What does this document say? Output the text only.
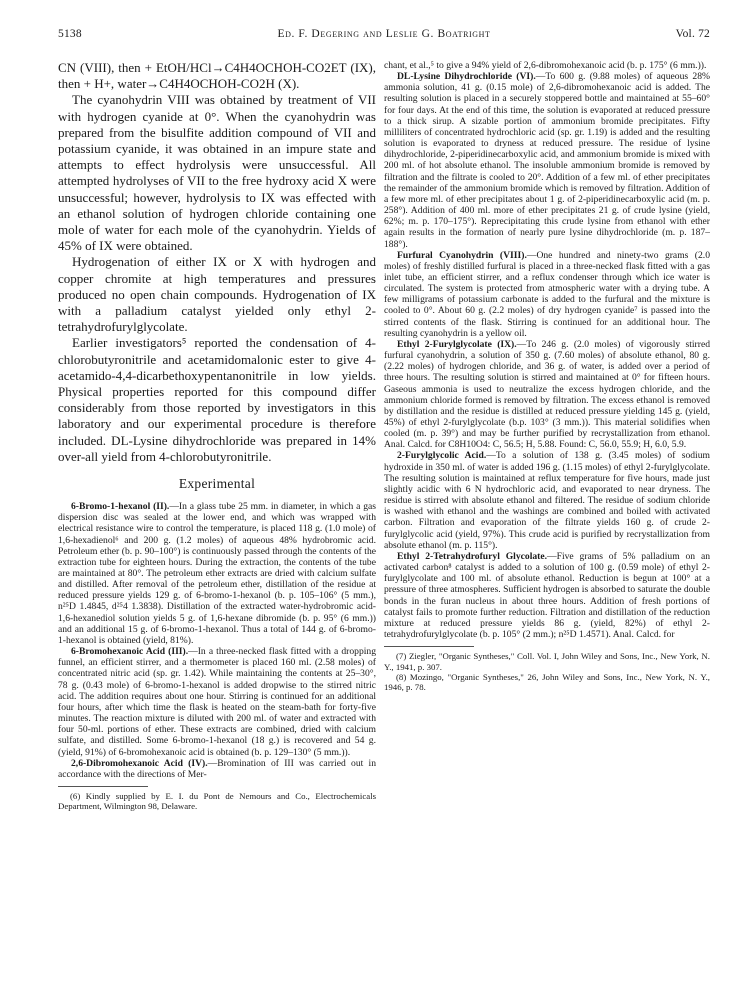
5138	Ed. F. Degering and Leslie G. Boatright	Vol. 72

CN (VIII), then + EtOH/HCl→C4H4OCHOH-CO2ET (IX), then + H+, water→C4H4OCHOH-CO2H (X).

The cyanohydrin VIII was obtained by treatment of VII with hydrogen cyanide at 0°. When the cyanohydrin was prepared from the bisulfite addition compound of VII and potassium cyanide, it was obtained in an impure state and attempts to effect hydrolysis were unsuccessful. All attempted hydrolyses of VII to the free hydroxy acid X were unsuccessful; however, hydrolysis to IX was effected with an ethanol solution of hydrogen chloride containing one mole of water for each mole of the cyanohydrin. Yields of 45% of IX were obtained.

Hydrogenation of either IX or X with hydrogen and copper chromite at high temperatures and pressures produced no open chain compounds. Hydrogenation of IX with a palladium catalyst yielded only ethyl 2-tetrahydrofurylglycolate.

Earlier investigators⁵ reported the condensation of 4-chlorobutyronitrile and acetamidomalonic ester to give 4-acetamido-4,4-dicarbethoxypentanonitrile in low yields. Physical properties reported for this compound differ considerably from those reported by investigators in this laboratory and our experimental procedure is therefore included. DL-Lysine dihydrochloride was prepared in 14% over-all yield from 4-chlorobutyronitrile.

Experimental

6-Bromo-1-hexanol (II).—In a glass tube 25 mm. in diameter, in which a gas dispersion disc was sealed at the lower end, and which was wrapped with electrical resistance wire to control the temperature, is placed 118 g. (1.0 mole) of 1,6-hexadienol⁶ and 200 g. (1.2 moles) of aqueous 48% hydrobromic acid. Petroleum ether (b. p. 90–100°) is continuously passed through the contents of the extraction tube for eighteen hours. During the extraction, the contents of the tube are maintained at 80°. The petroleum ether extracts are dried with calcium sulfate and distilled. After removal of the petroleum ether, distillation of the residue at reduced pressure yields 129 g. of 6-bromo-1-hexanol (b. p. 105–106° (5 mm.), n²⁵D 1.4845, d²⁵4 1.3838). Distillation of the extracted water-hydrobromic acid-1,6-hexanediol solution yields 5 g. of 1,6-hexane dibromide (b. p. 95° (6 mm.)) and an additional 15 g. of 6-bromo-1-hexanol. Thus a total of 144 g. of 6-bromo-1-hexanol is obtained (yield, 81%).

6-Bromohexanoic Acid (III).—In a three-necked flask fitted with a dropping funnel, an efficient stirrer, and a thermometer is placed 160 ml. (2.58 moles) of concentrated nitric acid (sp. gr. 1.42). While maintaining the contents at 25–30°, 78 g. (0.43 mole) of 6-bromo-1-hexanol is added dropwise to the stirred nitric acid. The addition requires about one hour. Stirring is continued for an additional four hours, after which time the flask is heated on the steam-bath for forty-five minutes. The reaction mixture is diluted with 200 ml. of water and extracted with four 50-ml. portions of ether. These extracts are combined, dried with calcium sulfate, and distilled. Some 6-bromo-1-hexanol (18 g.) is recovered and 54 g. (yield, 91%) of 6-bromohexanoic acid is obtained (b. p. 129–130° (5 mm.)).

2,6-Dibromohexanoic Acid (IV).—Bromination of III was carried out in accordance with the directions of Mer-

(6) Kindly supplied by E. I. du Pont de Nemours and Co., Electrochemicals Department, Wilmington 98, Delaware.

chant, et al.,⁵ to give a 94% yield of 2,6-dibromohexanoic acid (b. p. 175° (6 mm.)).

DL-Lysine Dihydrochloride (VI).—To 600 g. (9.88 moles) of aqueous 28% ammonia solution, 41 g. (0.15 mole) of 2,6-dibromohexanoic acid is added. The resulting solution is placed in a securely stoppered bottle and maintained at 55–60° for four days. At the end of this time, the solution is evaporated at reduced pressure to a thick sirup. A sizable portion of ammonium bromide precipitates. Fifty milliliters of concentrated hydrochloric acid (sp. gr. 1.19) is added and the resulting solution is evaporated to dryness at reduced pressure. The residue of lysine dihydrochloride, 2-piperidinecarboxylic acid, and ammonium bromide is mixed with 200 ml. of hot absolute ethanol. The insoluble ammonium bromide is removed by filtration and the filtrate is cooled to 20°. Addition of a few ml. of ether precipitates the remainder of the ammonium bromide which is removed by filtration. Addition of a few more ml. of ether precipitates about 1 g. of 2-piperidinecarboxylic acid (m. p. 258°). Addition of 400 ml. more of ether precipitates 21 g. of crude lysine (yield, 62%; m. p. 170–175°). Reprecipitating this crude lysine from ethanol with ether again results in the formation of nearly pure lysine dihydrochloride (m. p. 187–188°).

Furfural Cyanohydrin (VIII).—One hundred and ninety-two grams (2.0 moles) of freshly distilled furfural is placed in a three-necked flask fitted with a gas inlet tube, an efficient stirrer, and a reflux condenser through which ice water is circulated. The system is protected from atmospheric water with a drying tube. A few milligrams of potassium carbonate is added to the furfural and the mixture is cooled to 0°. About 60 g. (2.2 moles) of dry hydrogen cyanide⁷ is passed into the stirred contents of the flask. Stirring is continued for an additional hour. The resulting cyanohydrin is a yellow oil.

Ethyl 2-Furylglycolate (IX).—To 246 g. (2.0 moles) of vigorously stirred furfural cyanohydrin, a solution of 350 g. (7.60 moles) of absolute ethanol, 80 g. (2.22 moles) of hydrogen chloride, and 36 g. of water, is added over a period of three hours. The resulting solution is stirred and maintained at 0° for fifteen hours. Gaseous ammonia is used to neutralize the excess hydrogen chloride, and the ammonium chloride formed is removed by filtration. The excess ethanol is removed by distillation and the residue is distilled at reduced pressure yielding 145 g. (yield, 45%) of ethyl 2-furylglycolate (b.p. 103° (3 mm.)). This material solidifies when cooled (m. p. 39°) and may be further purified by recrystallization from ethanol. Anal. Calcd. for C8H10O4: C, 56.5; H, 5.88. Found: C, 56.0, 55.9; H, 6.0, 5.9.

2-Furylglycolic Acid.—To a solution of 138 g. (3.45 moles) of sodium hydroxide in 350 ml. of water is added 196 g. (1.15 moles) of ethyl 2-furylglycolate. The resulting solution is maintained at reflux temperature for five hours, made just slightly acidic with 6 N hydrochloric acid, and evaporated to near dryness. The residue is stirred with absolute ethanol and filtered. The residue of sodium chloride is washed with ethanol and the washings are combined and boiled with activated carbon. Filtration and evaporation of the filtrate yields 160 g. of crude 2-furylglycolic acid (yield, 97%). This crude acid is purified by recrystallization from absolute ethanol (m. p. 115°).

Ethyl 2-Tetrahydrofuryl Glycolate.—Five grams of 5% palladium on an activated carbon⁸ catalyst is added to a solution of 100 g. (0.59 mole) of ethyl 2-furylglycolate and 100 ml. of absolute ethanol. Reduction is begun at 100° at a pressure of three atmospheres. Sufficient hydrogen is absorbed to saturate the double bonds in the furan nucleus in about three hours. Addition of fresh portions of catalyst fails to promote further reduction. Filtration and distillation of the reduction mixture at reduced pressure yields 86 g. (yield, 82%) of ethyl 2-tetrahydrofurylglycolate (b. p. 105° (2 mm.); n²⁵D 1.4571). Anal. Calcd. for

(7) Ziegler, "Organic Syntheses," Coll. Vol. I, John Wiley and Sons, Inc., New York, N. Y., 1941, p. 307.

(8) Mozingo, "Organic Syntheses," 26, John Wiley and Sons, Inc., New York, N. Y., 1946, p. 78.
